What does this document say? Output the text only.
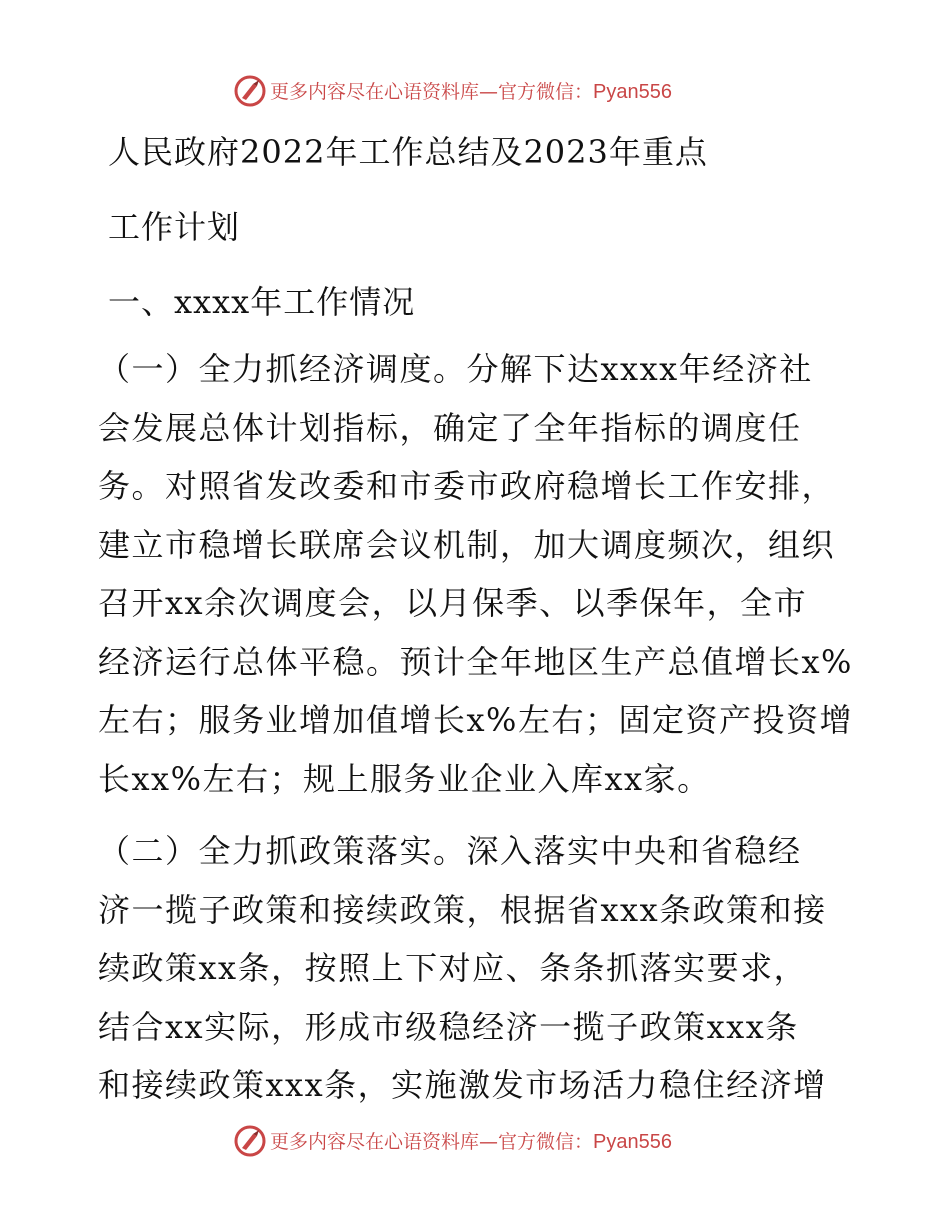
更多内容尽在心语资料库—官方微信：Pyan556
人民政府2022年工作总结及2023年重点
工作计划
一、xxxx年工作情况
（一）全力抓经济调度。分解下达xxxx年经济社
会发展总体计划指标，确定了全年指标的调度任
务。对照省发改委和市委市政府稳增长工作安排，
建立市稳增长联席会议机制，加大调度频次，组织
召开xx余次调度会，以月保季、以季保年，全市
经济运行总体平稳。预计全年地区生产总值增长x%
左右；服务业增加值增长x%左右；固定资产投资增
长xx%左右；规上服务业企业入库xx家。
（二）全力抓政策落实。深入落实中央和省稳经
济一揽子政策和接续政策，根据省xxx条政策和接
续政策xx条，按照上下对应、条条抓落实要求，
结合xx实际，形成市级稳经济一揽子政策xxx条
和接续政策xxx条，实施激发市场活力稳住经济增
更多内容尽在心语资料库—官方微信：Pyan556
